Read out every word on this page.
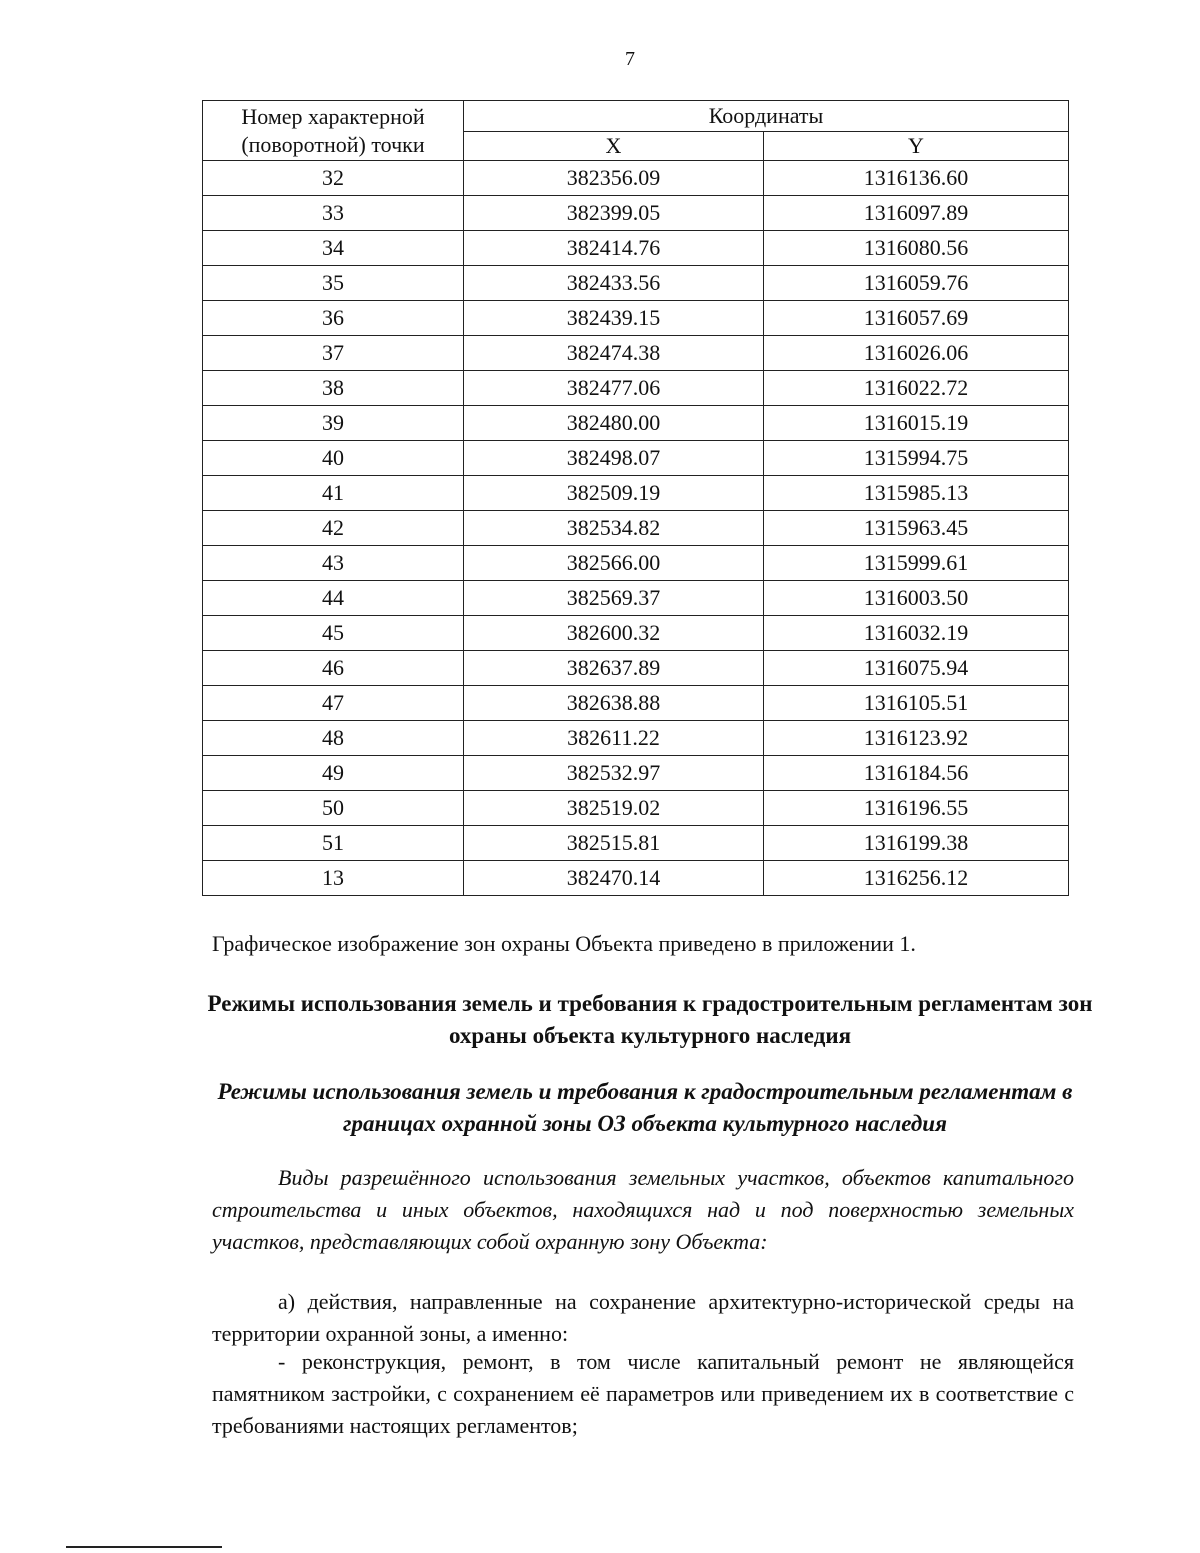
7
Номер характерной (поворотной) точки	Координаты	
	X	Y
32	382356.09	1316136.60
33	382399.05	1316097.89
34	382414.76	1316080.56
35	382433.56	1316059.76
36	382439.15	1316057.69
37	382474.38	1316026.06
38	382477.06	1316022.72
39	382480.00	1316015.19
40	382498.07	1315994.75
41	382509.19	1315985.13
42	382534.82	1315963.45
43	382566.00	1315999.61
44	382569.37	1316003.50
45	382600.32	1316032.19
46	382637.89	1316075.94
47	382638.88	1316105.51
48	382611.22	1316123.92
49	382532.97	1316184.56
50	382519.02	1316196.55
51	382515.81	1316199.38
13	382470.14	1316256.12
Графическое изображение зон охраны Объекта приведено в приложении 1.
Режимы использования земель и требования к градостроительным регламентам зон охраны объекта культурного наследия
Режимы использования земель и требования к градостроительным регламентам в границах охранной зоны ОЗ объекта культурного наследия
Виды разрешённого использования земельных участков, объектов капитального строительства и иных объектов, находящихся над и под поверхностью земельных участков, представляющих собой охранную зону Объекта:
а) действия, направленные на сохранение архитектурно-исторической среды на территории охранной зоны, а именно:
- реконструкция, ремонт, в том числе капитальный ремонт не являющейся памятником застройки, с сохранением её параметров или приведением их в соответствие с требованиями настоящих регламентов;
